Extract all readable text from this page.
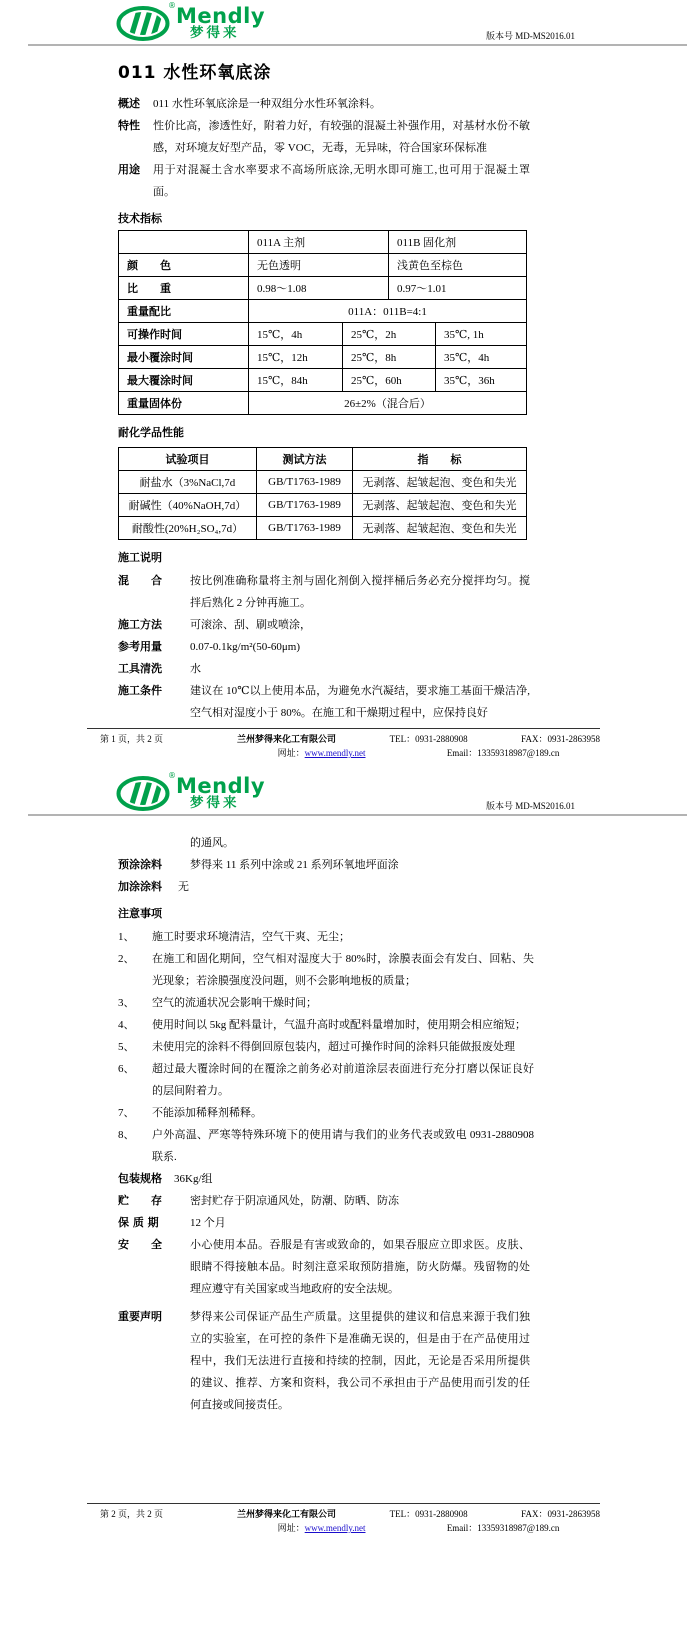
® Mendly
梦得来	版本号 MD-MS2016.01
011 水性环氧底涂
概述	011 水性环氧底涂是一种双组分水性环氧涂料。
特性	性价比高，渗透性好，附着力好，有较强的混凝土补强作用，对基材水份不敏感，对环境友好型产品，零 VOC，无毒，无异味，符合国家环保标准
用途	用于对混凝土含水率要求不高场所底涂,无明水即可施工,也可用于混凝土罩面。
技术指标
	011A 主剂	011B 固化剂
颜　　色	无色透明	浅黄色至棕色
比　　重	0.98～1.08	0.97～1.01
重量配比	011A：011B=4:1
可操作时间	15℃，4h	25℃，2h	35℃, 1h
最小覆涂时间	15℃，12h	25℃，8h	35℃，4h
最大覆涂时间	15℃，84h	25℃，60h	35℃，36h
重量固体份	26±2%（混合后）
耐化学品性能
试验项目	测试方法	指　　标
耐盐水（3%NaCl,7d	GB/T1763-1989	无剥落、起皱起泡、变色和失光
耐碱性（40%NaOH,7d）	GB/T1763-1989	无剥落、起皱起泡、变色和失光
耐酸性(20%H₂SO₄,7d）	GB/T1763-1989	无剥落、起皱起泡、变色和失光
施工说明
混　　合	按比例准确称量将主剂与固化剂倒入搅拌桶后务必充分搅拌均匀。搅拌后熟化 2 分钟再施工。
施工方法	可滚涂、刮、刷或喷涂，
参考用量	0.07-0.1kg/m²(50-60μm)
工具清洗	水
施工条件	建议在 10℃以上使用本品，为避免水汽凝结，要求施工基面干燥洁净,空气相对湿度小于 80%。在施工和干燥期过程中，应保持良好
第 1 页，共 2 页	兰州梦得来化工有限公司	TEL：0931-2880908	FAX：0931-2863958
网址：www.mendly.net	Email：13359318987@189.cn
® Mendly
梦得来	版本号 MD-MS2016.01

的通风。

预涂涂料	梦得来 11 系列中涂或 21 系列环氧地坪面涂
加涂涂料	无
注意事项
1、	施工时要求环境清洁，空气干爽、无尘；
2、	在施工和固化期间，空气相对湿度大于 80%时，涂膜表面会有发白、回粘、失光现象；若涂膜强度没问题，则不会影响地板的质量；
3、	空气的流通状况会影响干燥时间；
4、	使用时间以 5kg 配料量计，气温升高时或配料量增加时，使用期会相应缩短；
5、	未使用完的涂料不得倒回原包装内，超过可操作时间的涂料只能做报废处理
6、	超过最大覆涂时间的在覆涂之前务必对前道涂层表面进行充分打磨以保证良好的层间附着力。
7、	不能添加稀释剂稀释。
8、	户外高温、严寒等特殊环境下的使用请与我们的业务代表或致电 0931-2880908 联系.
包装规格	36Kg/组
贮　　存	密封贮存于阴凉通风处，防潮、防晒、防冻
保 质 期	12 个月
安　　全	小心使用本品。吞服是有害或致命的，如果吞服应立即求医。皮肤、眼睛不得接触本品。时刻注意采取预防措施，防火防爆。残留物的处理应遵守有关国家或当地政府的安全法规。
重要声明	梦得来公司保证产品生产质量。这里提供的建议和信息来源于我们独立的实验室，在可控的条件下是准确无误的，但是由于在产品使用过程中，我们无法进行直接和持续的控制，因此，无论是否采用所提供的建议、推荐、方案和资料，我公司不承担由于产品使用而引发的任何直接或间接责任。
第 2 页，共 2 页	兰州梦得来化工有限公司	TEL：0931-2880908	FAX：0931-2863958
网址：www.mendly.net	Email：13359318987@189.cn
